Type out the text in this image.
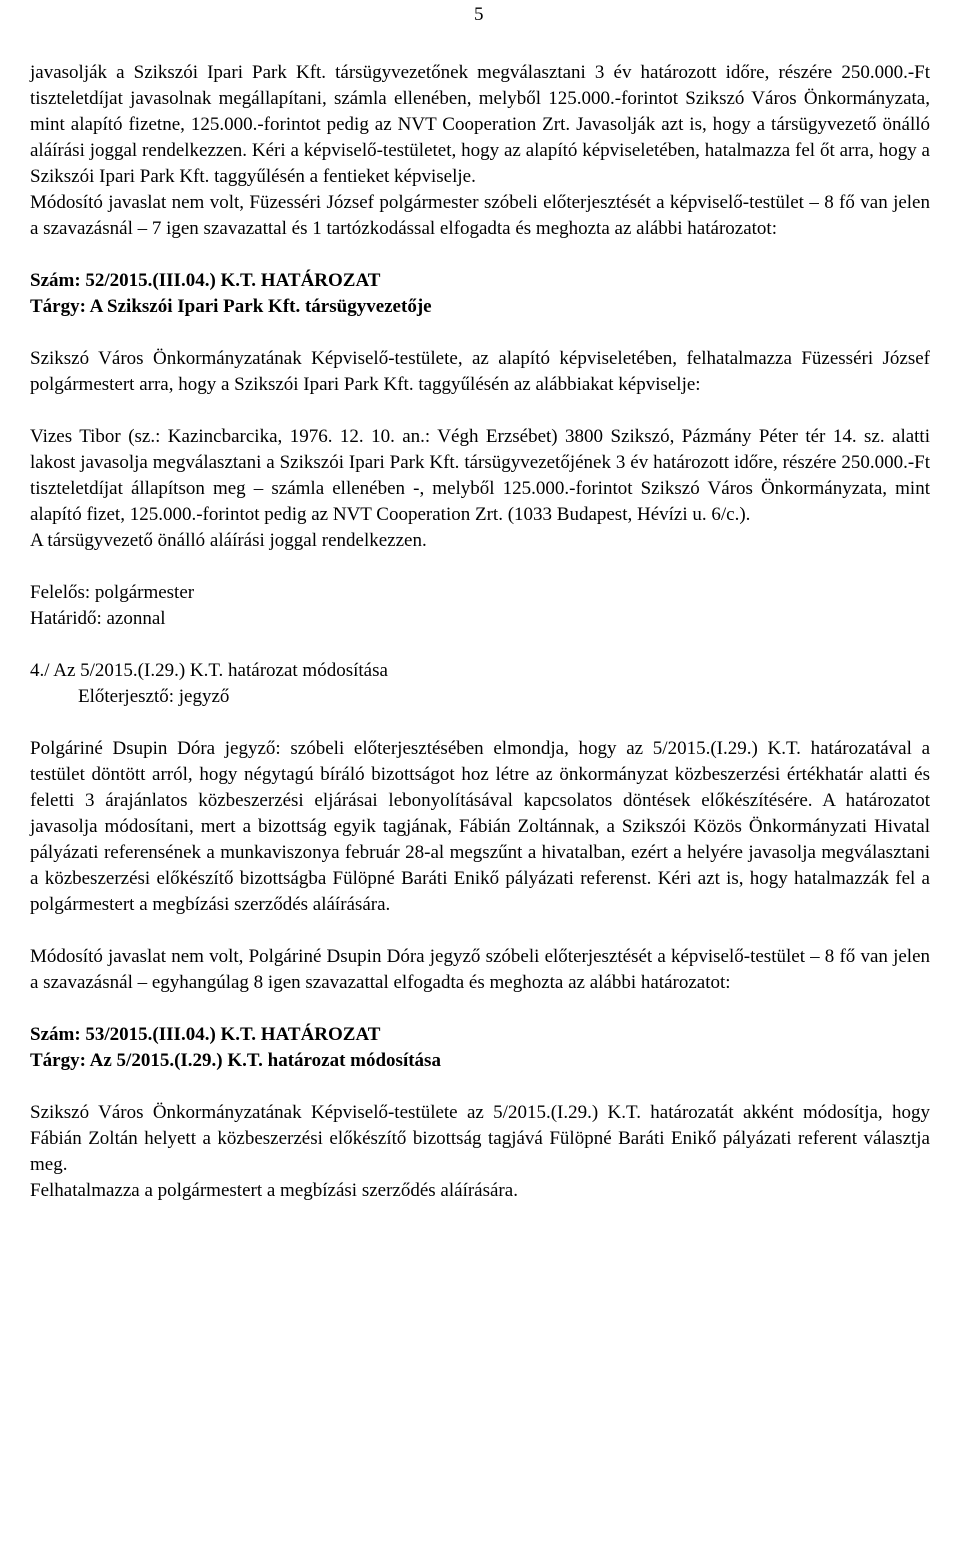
5

javasolják a Szikszói Ipari Park Kft. társügyvezetőnek megválasztani 3 év határozott időre, részére 250.000.-Ft tiszteletdíjat javasolnak megállapítani, számla ellenében, melyből 125.000.-forintot Szikszó Város Önkormányzata, mint alapító fizetne, 125.000.-forintot pedig az NVT Cooperation Zrt. Javasolják azt is, hogy a társügyvezető önálló aláírási joggal rendelkezzen. Kéri a képviselő-testületet, hogy az alapító képviseletében, hatalmazza fel őt arra, hogy a Szikszói Ipari Park Kft. taggyűlésén a fentieket képviselje.

Módosító javaslat nem volt, Füzesséri József polgármester szóbeli előterjesztését a képviselő-testület – 8 fő van jelen a szavazásnál – 7 igen szavazattal és 1 tartózkodással elfogadta és meghozta az alábbi határozatot:

Szám: 52/2015.(III.04.) K.T. HATÁROZAT

Tárgy: A Szikszói Ipari Park Kft. társügyvezetője

Szikszó Város Önkormányzatának Képviselő-testülete, az alapító képviseletében, felhatalmazza Füzesséri József polgármestert arra, hogy a Szikszói Ipari Park Kft. taggyűlésén az alábbiakat képviselje:

Vizes Tibor (sz.: Kazincbarcika, 1976. 12. 10. an.: Végh Erzsébet) 3800 Szikszó, Pázmány Péter tér 14. sz. alatti lakost javasolja megválasztani a Szikszói Ipari Park Kft. társügyvezetőjének 3 év határozott időre, részére 250.000.-Ft tiszteletdíjat állapítson meg – számla ellenében -, melyből 125.000.-forintot Szikszó Város Önkormányzata, mint alapító fizet, 125.000.-forintot pedig az NVT Cooperation Zrt. (1033 Budapest, Hévízi u. 6/c.).

A társügyvezető önálló aláírási joggal rendelkezzen.

Felelős: polgármester

Határidő: azonnal

4./ Az 5/2015.(I.29.) K.T. határozat módosítása

Előterjesztő: jegyző

Polgáriné Dsupin Dóra jegyző: szóbeli előterjesztésében elmondja, hogy az 5/2015.(I.29.) K.T. határozatával a testület döntött arról, hogy négytagú bíráló bizottságot hoz létre az önkormányzat közbeszerzési értékhatár alatti és feletti 3 árajánlatos közbeszerzési eljárásai lebonyolításával kapcsolatos döntések előkészítésére. A határozatot javasolja módosítani, mert a bizottság egyik tagjának, Fábián Zoltánnak, a Szikszói Közös Önkormányzati Hivatal pályázati referensének a munkaviszonya február 28-al megszűnt a hivatalban, ezért a helyére javasolja megválasztani a közbeszerzési előkészítő bizottságba Fülöpné Baráti Enikő pályázati referenst. Kéri azt is, hogy hatalmazzák fel a polgármestert a megbízási szerződés aláírására.

Módosító javaslat nem volt, Polgáriné Dsupin Dóra jegyző szóbeli előterjesztését a képviselő-testület – 8 fő van jelen a szavazásnál – egyhangúlag 8 igen szavazattal elfogadta és meghozta az alábbi határozatot:

Szám: 53/2015.(III.04.) K.T. HATÁROZAT

Tárgy: Az 5/2015.(I.29.) K.T. határozat módosítása

Szikszó Város Önkormányzatának Képviselő-testülete az 5/2015.(I.29.) K.T. határozatát akként módosítja, hogy Fábián Zoltán helyett a közbeszerzési előkészítő bizottság tagjává Fülöpné Baráti Enikő pályázati referent választja meg.

Felhatalmazza a polgármestert a megbízási szerződés aláírására.
